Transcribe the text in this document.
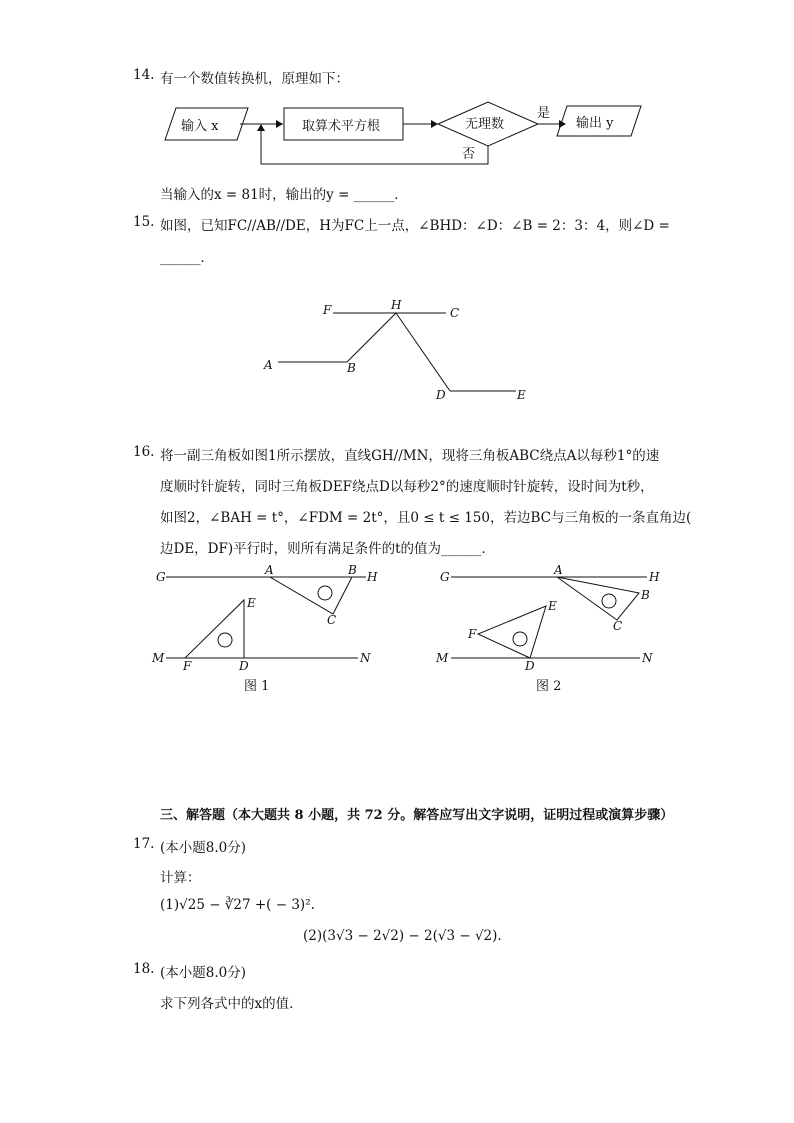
14. 有一个数值转换机，原理如下：
输入 x	取算术平方根	无理数
是
输出 y
否
当输入的x = 81时，输出的y = ______．
15. 如图，已知FC//AB//DE，H为FC上一点，∠BHD：∠D：∠B = 2：3：4，则∠D =
______．
F	H
C
A	B
D	E
16. 将一副三角板如图1所示摆放，直线GH//MN，现将三角板ABC绕点A以每秒1°的速
度顺时针旋转，同时三角板DEF绕点D以每秒2°的速度顺时针旋转，设时间为t秒，
如图2，∠BAH = t°，∠FDM = 2t°，且0 ≤ t ≤ 150，若边BC与三角板的一条直角边(
边DE，DF)平行时，则所有满足条件的t的值为______．
G	A	B H
E
C
M
F	D
N
图 1
G	A	H
B
E
C
F
M
D
N
图 2
三、解答题（本大题共 8 小题，共 72 分。解答应写出文字说明，证明过程或演算步骤）
17. (本小题8.0分)
计算：
(1)√25 − ∛27 +( − 3)².
(2)(3√3 − 2√2) − 2(√3 − √2).
18. (本小题8.0分)
求下列各式中的x的值．
